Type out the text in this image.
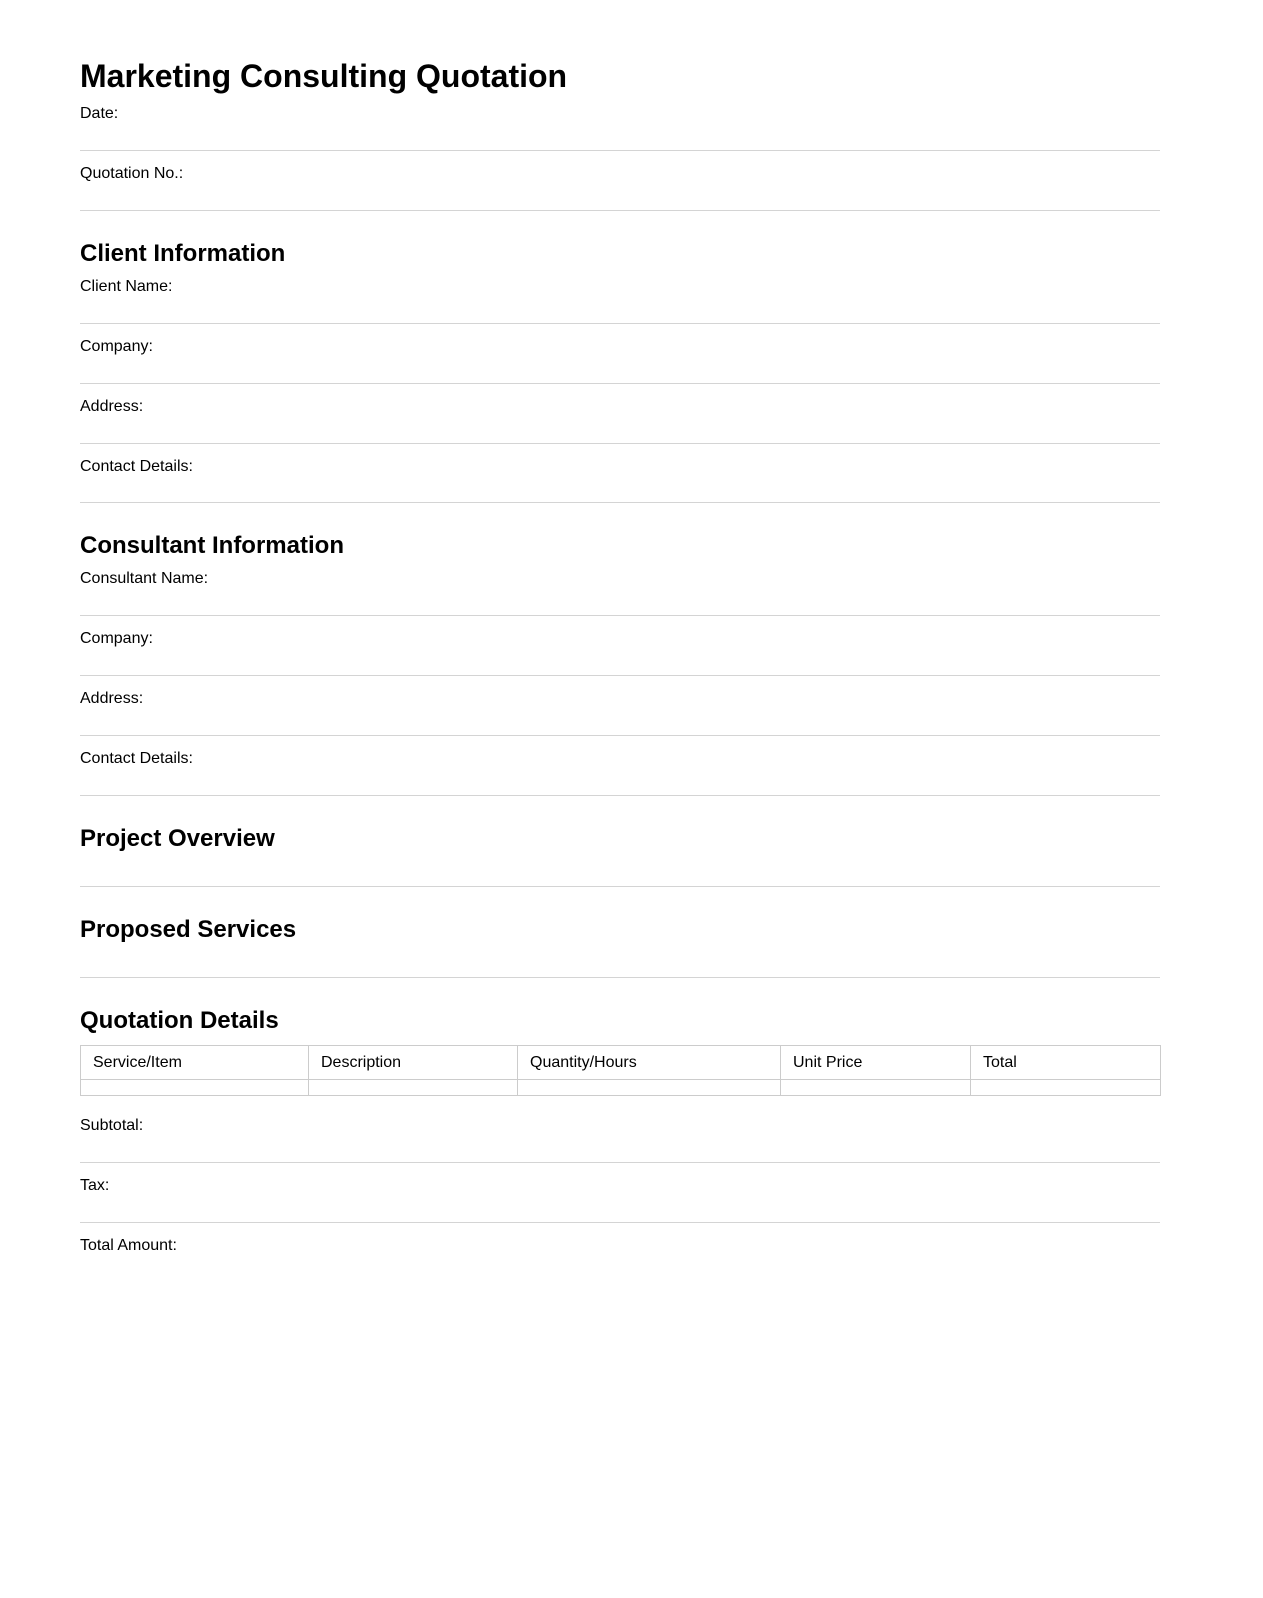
Marketing Consulting Quotation
Date:
Quotation No.:
Client Information
Client Name:
Company:
Address:
Contact Details:
Consultant Information
Consultant Name:
Company:
Address:
Contact Details:
Project Overview
Proposed Services
Quotation Details
Service/Item	Description	Quantity/Hours	Unit Price	Total

Subtotal:
Tax:
Total Amount:
